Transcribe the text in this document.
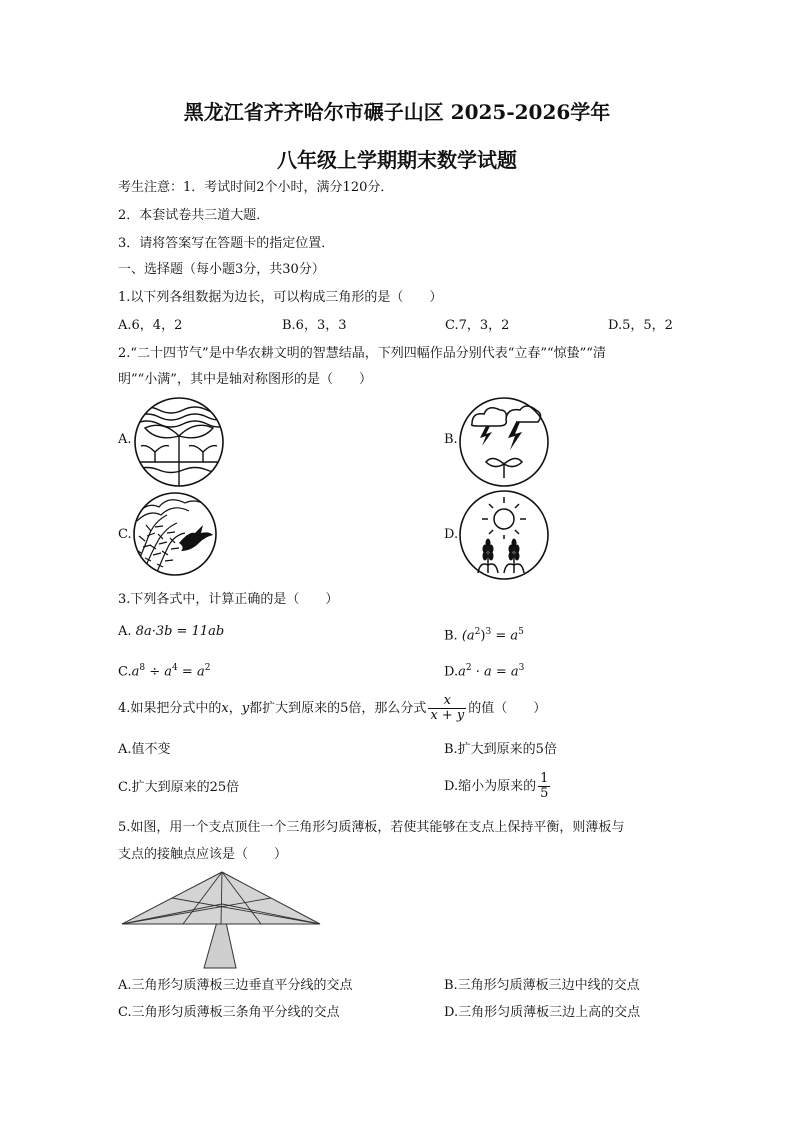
黑龙江省齐齐哈尔市碾子山区 2025-2026学年
八年级上学期期末数学试题
考生注意：1．考试时间2个小时，满分120分．
2．本套试卷共三道大题．
3．请将答案写在答题卡的指定位置．
一、选择题（每小题3分，共30分）
1.以下列各组数据为边长，可以构成三角形的是（　　）
A.6，4，2	B.6，3，3	C.7，3，2	D.5，5，2
2.“二十四节气”是中华农耕文明的智慧结晶，下列四幅作品分别代表“立春”“惊蛰”“清
明”“小满”，其中是轴对称图形的是（　　）
A.	B.
C.	D.
3.下列各式中，计算正确的是（　　）
A. 8a·3b = 11ab	B. $(a^2)^3 = a^5$
$C.a^8 \div a^4 = a^2$	$D.a^2 \cdot a = a^3$
4.如果把分式中的x，y都扩大到原来的5倍，那么分式 $\frac{x}{x + y}$ 的值（　　）
A.值不变	B.扩大到原来的5倍
C.扩大到原来的25倍	D.缩小为原来的 $\frac{1}{5}$
5.如图，用一个支点顶住一个三角形匀质薄板，若使其能够在支点上保持平衡，则薄板与
支点的接触点应该是（　　）
A.三角形匀质薄板三边垂直平分线的交点	B.三角形匀质薄板三边中线的交点
C.三角形匀质薄板三条角平分线的交点	D.三角形匀质薄板三边上高的交点
